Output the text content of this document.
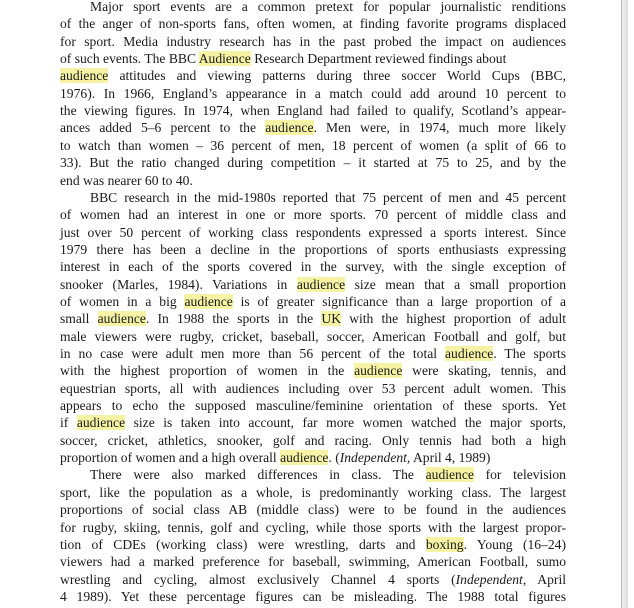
Major sport events are a common pretext for popular journalistic renditions
of the anger of non-sports fans, often women, at finding favorite programs displaced
for sport. Media industry research has in the past probed the impact on audiences
of such events. The BBC Audience Research Department reviewed findings about
audience attitudes and viewing patterns during three soccer World Cups (BBC,
1976). In 1966, England’s appearance in a match could add around 10 percent to
the viewing figures. In 1974, when England had failed to qualify, Scotland’s appear-
ances added 5–6 percent to the audience. Men were, in 1974, much more likely
to watch than women – 36 percent of men, 18 percent of women (a split of 66 to
33). But the ratio changed during competition – it started at 75 to 25, and by the
end was nearer 60 to 40.
BBC research in the mid-1980s reported that 75 percent of men and 45 percent
of women had an interest in one or more sports. 70 percent of middle class and
just over 50 percent of working class respondents expressed a sports interest. Since
1979 there has been a decline in the proportions of sports enthusiasts expressing
interest in each of the sports covered in the survey, with the single exception of
snooker (Marles, 1984). Variations in audience size mean that a small proportion
of women in a big audience is of greater significance than a large proportion of a
small audience. In 1988 the sports in the UK with the highest proportion of adult
male viewers were rugby, cricket, baseball, soccer, American Football and golf, but
in no case were adult men more than 56 percent of the total audience. The sports
with the highest proportion of women in the audience were skating, tennis, and
equestrian sports, all with audiences including over 53 percent adult women. This
appears to echo the supposed masculine/feminine orientation of these sports. Yet
if audience size is taken into account, far more women watched the major sports,
soccer, cricket, athletics, snooker, golf and racing. Only tennis had both a high
proportion of women and a high overall audience. (Independent, April 4, 1989)
There were also marked differences in class. The audience for television
sport, like the population as a whole, is predominantly working class. The largest
proportions of social class AB (middle class) were to be found in the audiences
for rugby, skiing, tennis, golf and cycling, while those sports with the largest propor-
tion of CDEs (working class) were wrestling, darts and boxing. Young (16–24)
viewers had a marked preference for baseball, swimming, American Football, sumo
wrestling and cycling, almost exclusively Channel 4 sports (Independent, April
4 1989). Yet these percentage figures can be misleading. The 1988 total figures
